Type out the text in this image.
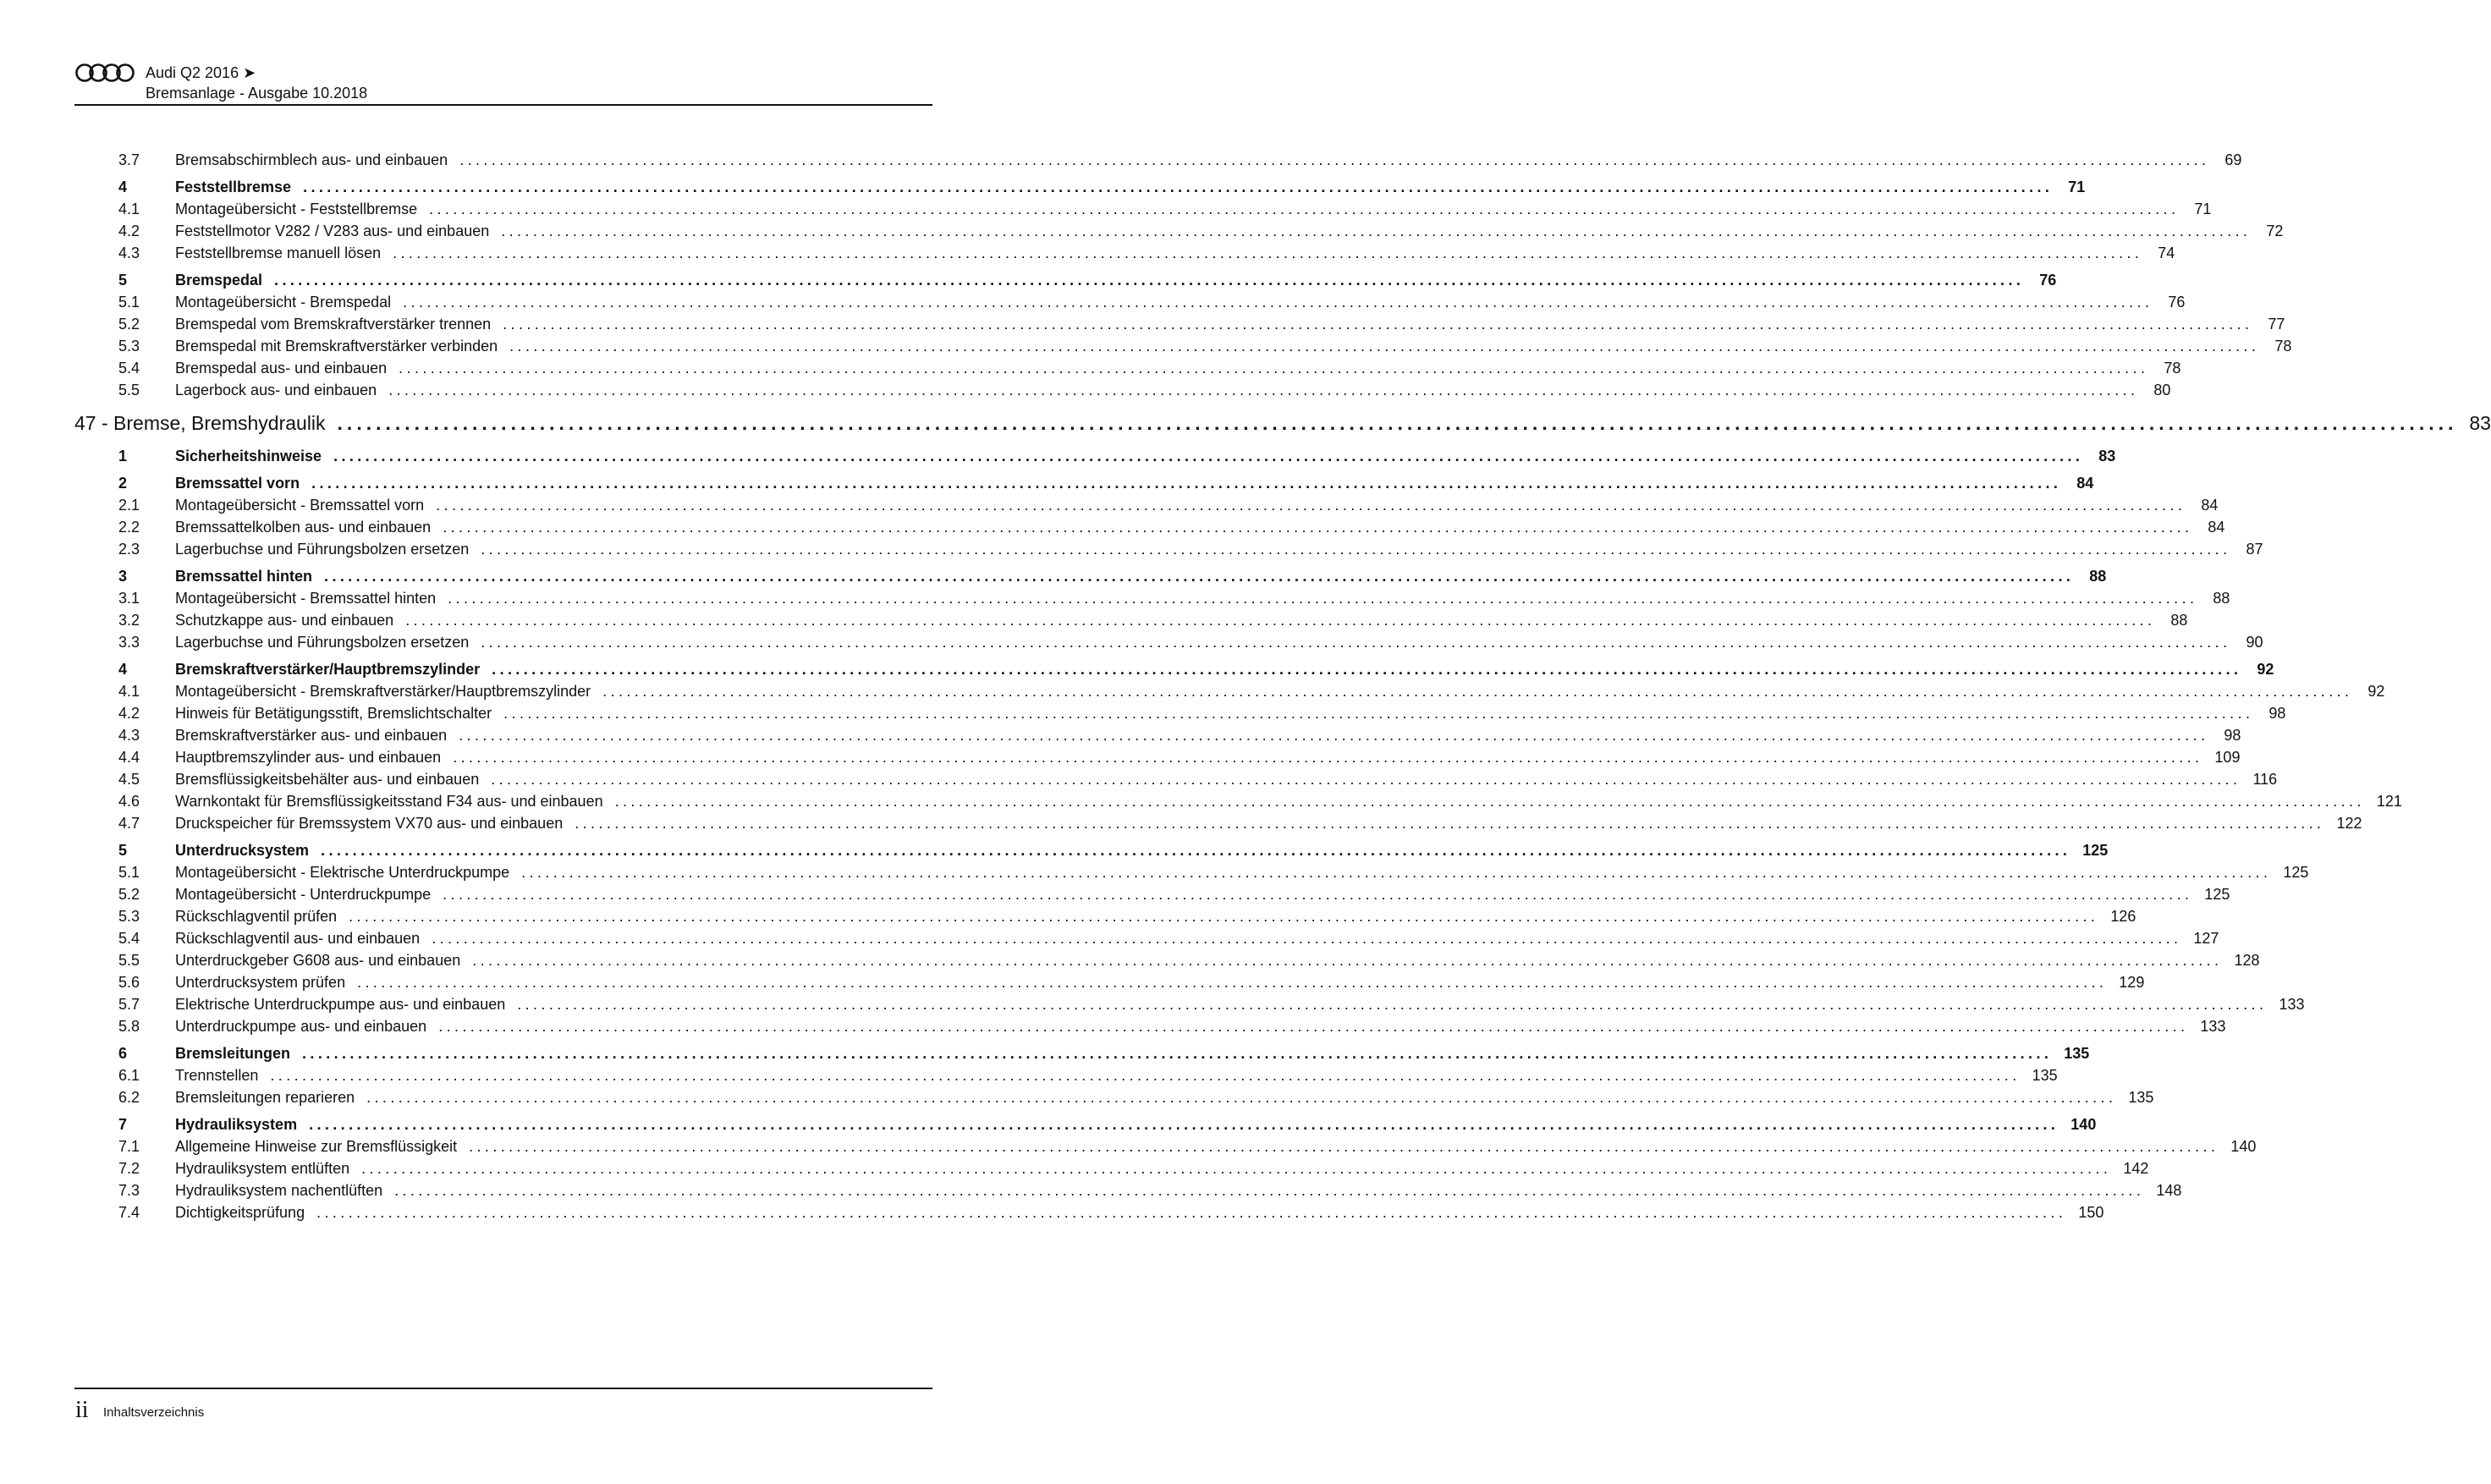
Audi Q2 2016 ➤
Bremsanlage - Ausgabe 10.2018
3.7 Bremsabschirmblech aus- und einbauen ............................................................................................................................................................................................................................ 69
4	Feststellbremse ............................................................................................................................................................................................................................ 71
4.1 Montageübersicht - Feststellbremse ............................................................................................................................................................................................................................ 71
4.2 Feststellmotor V282 / V283 aus- und einbauen ............................................................................................................................................................................................................................ 72
4.3 Feststellbremse manuell lösen ............................................................................................................................................................................................................................ 74
5	Bremspedal ............................................................................................................................................................................................................................ 76
5.1 Montageübersicht - Bremspedal ............................................................................................................................................................................................................................ 76
5.2 Bremspedal vom Bremskraftverstärker trennen ............................................................................................................................................................................................................................ 77
5.3 Bremspedal mit Bremskraftverstärker verbinden ............................................................................................................................................................................................................................ 78
5.4 Bremspedal aus- und einbauen ............................................................................................................................................................................................................................ 78
5.5 Lagerbock aus- und einbauen ............................................................................................................................................................................................................................ 80
47 - Bremse, Bremshydraulik ............................................................................................................................................................................................................................ 83
1	Sicherheitshinweise ............................................................................................................................................................................................................................ 83
2	Bremssattel vorn ............................................................................................................................................................................................................................ 84
2.1 Montageübersicht - Bremssattel vorn ............................................................................................................................................................................................................................ 84
2.2 Bremssattelkolben aus- und einbauen ............................................................................................................................................................................................................................ 84
2.3 Lagerbuchse und Führungsbolzen ersetzen ............................................................................................................................................................................................................................ 87
3	Bremssattel hinten ............................................................................................................................................................................................................................ 88
3.1 Montageübersicht - Bremssattel hinten ............................................................................................................................................................................................................................ 88
3.2 Schutzkappe aus- und einbauen ............................................................................................................................................................................................................................ 88
3.3 Lagerbuchse und Führungsbolzen ersetzen ............................................................................................................................................................................................................................ 90
4	Bremskraftverstärker/Hauptbremszylinder ............................................................................................................................................................................................................................ 92
4.1 Montageübersicht - Bremskraftverstärker/Hauptbremszylinder ............................................................................................................................................................................................................................ 92
4.2 Hinweis für Betätigungsstift, Bremslichtschalter ............................................................................................................................................................................................................................ 98
4.3 Bremskraftverstärker aus- und einbauen ............................................................................................................................................................................................................................ 98
4.4 Hauptbremszylinder aus- und einbauen ............................................................................................................................................................................................................................ 109
4.5 Bremsflüssigkeitsbehälter aus- und einbauen ............................................................................................................................................................................................................................ 116
4.6 Warnkontakt für Bremsflüssigkeitsstand F34 aus- und einbauen ............................................................................................................................................................................................................................ 121
4.7 Druckspeicher für Bremssystem VX70 aus- und einbauen ............................................................................................................................................................................................................................ 122
5	Unterdrucksystem ............................................................................................................................................................................................................................ 125
5.1 Montageübersicht - Elektrische Unterdruckpumpe ............................................................................................................................................................................................................................ 125
5.2 Montageübersicht - Unterdruckpumpe ............................................................................................................................................................................................................................ 125
5.3 Rückschlagventil prüfen ............................................................................................................................................................................................................................ 126
5.4 Rückschlagventil aus- und einbauen ............................................................................................................................................................................................................................ 127
5.5 Unterdruckgeber G608 aus- und einbauen ............................................................................................................................................................................................................................ 128
5.6 Unterdrucksystem prüfen ............................................................................................................................................................................................................................ 129
5.7 Elektrische Unterdruckpumpe aus- und einbauen ............................................................................................................................................................................................................................ 133
5.8 Unterdruckpumpe aus- und einbauen ............................................................................................................................................................................................................................ 133
6	Bremsleitungen ............................................................................................................................................................................................................................ 135
6.1 Trennstellen ............................................................................................................................................................................................................................ 135
6.2 Bremsleitungen reparieren ............................................................................................................................................................................................................................ 135
7	Hydrauliksystem ............................................................................................................................................................................................................................ 140
7.1 Allgemeine Hinweise zur Bremsflüssigkeit ............................................................................................................................................................................................................................ 140
7.2 Hydrauliksystem entlüften ............................................................................................................................................................................................................................ 142
7.3 Hydrauliksystem nachentlüften ............................................................................................................................................................................................................................ 148
7.4 Dichtigkeitsprüfung ............................................................................................................................................................................................................................ 150
ii Inhaltsverzeichnis
